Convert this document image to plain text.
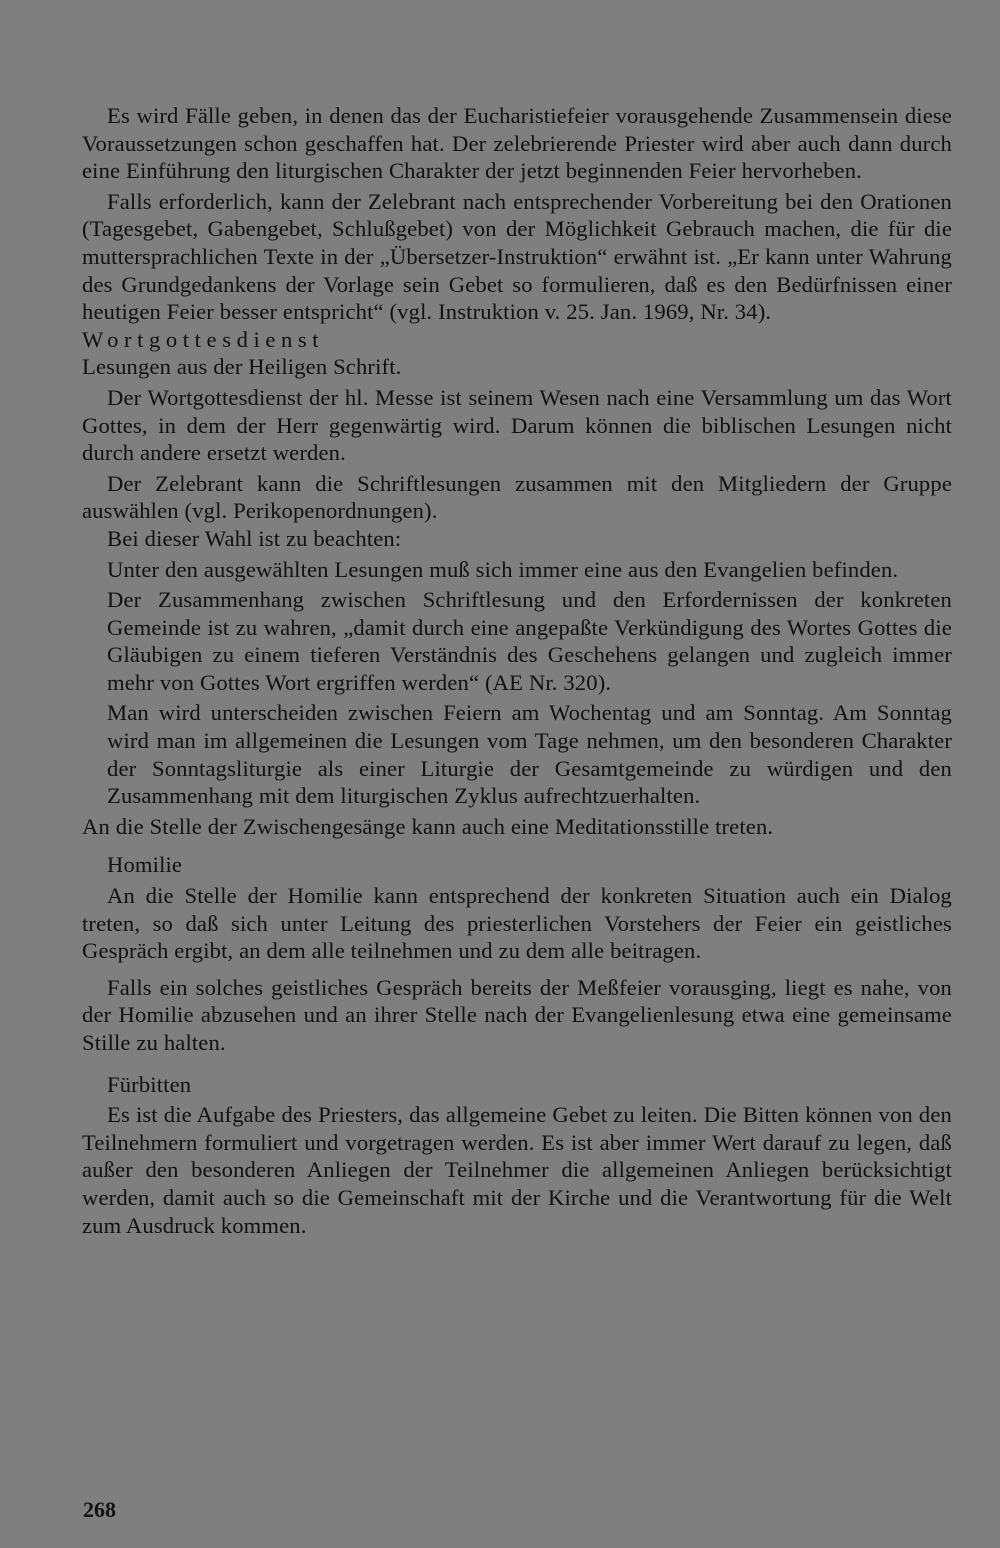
Es wird Fälle geben, in denen das der Eucharistiefeier vorausgehende Zusammensein diese Voraussetzungen schon geschaffen hat. Der zelebrierende Priester wird aber auch dann durch eine Einführung den liturgischen Charakter der jetzt beginnenden Feier hervorheben.

Falls erforderlich, kann der Zelebrant nach entsprechender Vorbereitung bei den Orationen (Tagesgebet, Gabengebet, Schlußgebet) von der Möglichkeit Gebrauch machen, die für die muttersprachlichen Texte in der „Übersetzer-Instruktion“ erwähnt ist. „Er kann unter Wahrung des Grundgedankens der Vorlage sein Gebet so formulieren, daß es den Bedürfnissen einer heutigen Feier besser entspricht“ (vgl. Instruktion v. 25. Jan. 1969, Nr. 34).

Wortgottesdienst

Lesungen aus der Heiligen Schrift.

Der Wortgottesdienst der hl. Messe ist seinem Wesen nach eine Versammlung um das Wort Gottes, in dem der Herr gegenwärtig wird. Darum können die biblischen Lesungen nicht durch andere ersetzt werden.

Der Zelebrant kann die Schriftlesungen zusammen mit den Mitgliedern der Gruppe auswählen (vgl. Perikopenordnungen).

Bei dieser Wahl ist zu beachten:

Unter den ausgewählten Lesungen muß sich immer eine aus den Evangelien befinden.

Der Zusammenhang zwischen Schriftlesung und den Erfordernissen der konkreten Gemeinde ist zu wahren, „damit durch eine angepaßte Verkündigung des Wortes Gottes die Gläubigen zu einem tieferen Verständnis des Geschehens gelangen und zugleich immer mehr von Gottes Wort ergriffen werden“ (AE Nr. 320).

Man wird unterscheiden zwischen Feiern am Wochentag und am Sonntag. Am Sonntag wird man im allgemeinen die Lesungen vom Tage nehmen, um den besonderen Charakter der Sonntagsliturgie als einer Liturgie der Gesamtgemeinde zu würdigen und den Zusammenhang mit dem liturgischen Zyklus aufrechtzuerhalten.

An die Stelle der Zwischengesänge kann auch eine Meditationsstille treten.

Homilie

An die Stelle der Homilie kann entsprechend der konkreten Situation auch ein Dialog treten, so daß sich unter Leitung des priesterlichen Vorstehers der Feier ein geistliches Gespräch ergibt, an dem alle teilnehmen und zu dem alle beitragen.

Falls ein solches geistliches Gespräch bereits der Meßfeier vorausging, liegt es nahe, von der Homilie abzusehen und an ihrer Stelle nach der Evangelienlesung etwa eine gemeinsame Stille zu halten.

Fürbitten

Es ist die Aufgabe des Priesters, das allgemeine Gebet zu leiten. Die Bitten können von den Teilnehmern formuliert und vorgetragen werden. Es ist aber immer Wert darauf zu legen, daß außer den besonderen Anliegen der Teilnehmer die allgemeinen Anliegen berücksichtigt werden, damit auch so die Gemeinschaft mit der Kirche und die Verantwortung für die Welt zum Ausdruck kommen.

268
